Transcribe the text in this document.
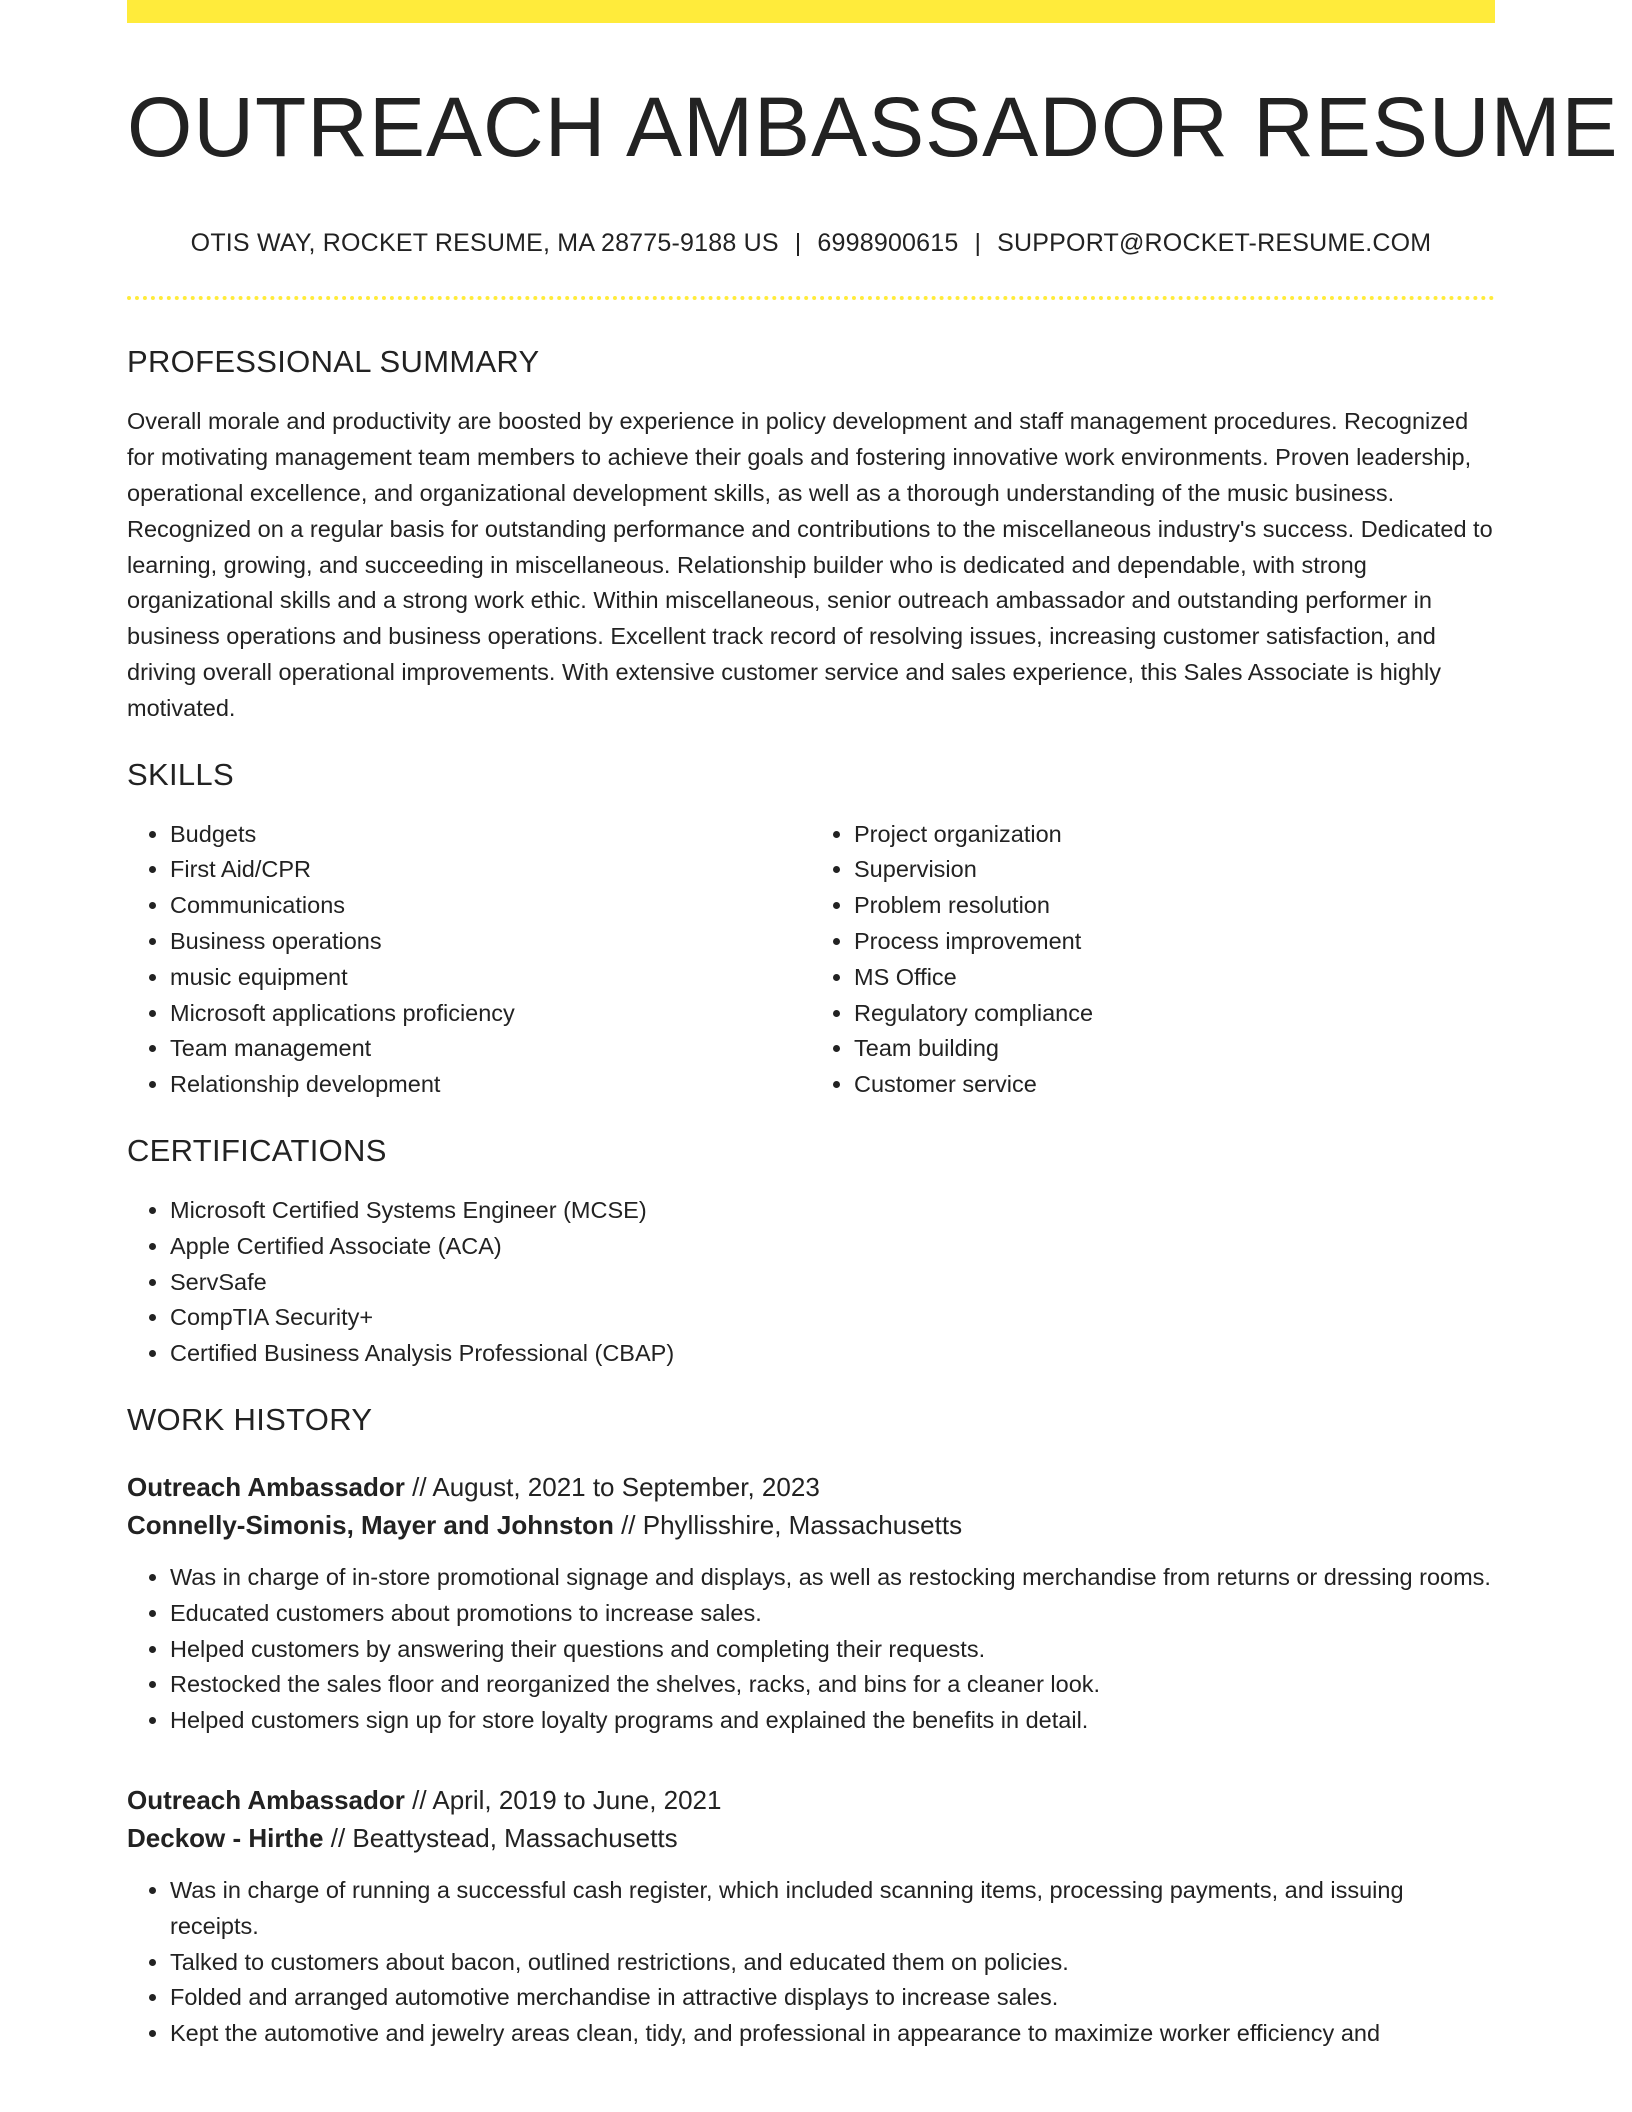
OUTREACH AMBASSADOR RESUME
OTIS WAY, ROCKET RESUME, MA 28775-9188 US | 6998900615 | SUPPORT@ROCKET-RESUME.COM
PROFESSIONAL SUMMARY

Overall morale and productivity are boosted by experience in policy development and staff management procedures. Recognized for motivating management team members to achieve their goals and fostering innovative work environments. Proven leadership, operational excellence, and organizational development skills, as well as a thorough understanding of the music business. Recognized on a regular basis for outstanding performance and contributions to the miscellaneous industry's success. Dedicated to learning, growing, and succeeding in miscellaneous. Relationship builder who is dedicated and dependable, with strong organizational skills and a strong work ethic. Within miscellaneous, senior outreach ambassador and outstanding performer in business operations and business operations. Excellent track record of resolving issues, increasing customer satisfaction, and driving overall operational improvements. With extensive customer service and sales experience, this Sales Associate is highly motivated.

SKILLS
• Budgets
• First Aid/CPR
• Communications
• Business operations
• music equipment
• Microsoft applications proficiency
• Team management
• Relationship development
• Project organization
• Supervision
• Problem resolution
• Process improvement
• MS Office
• Regulatory compliance
• Team building
• Customer service
CERTIFICATIONS
• Microsoft Certified Systems Engineer (MCSE)
• Apple Certified Associate (ACA)
• ServSafe
• CompTIA Security+
• Certified Business Analysis Professional (CBAP)
WORK HISTORY
Outreach Ambassador // August, 2021 to September, 2023
Connelly-Simonis, Mayer and Johnston // Phyllisshire, Massachusetts
• Was in charge of in-store promotional signage and displays, as well as restocking merchandise from returns or dressing rooms.
• Educated customers about promotions to increase sales.
• Helped customers by answering their questions and completing their requests.
• Restocked the sales floor and reorganized the shelves, racks, and bins for a cleaner look.
• Helped customers sign up for store loyalty programs and explained the benefits in detail.
Outreach Ambassador // April, 2019 to June, 2021
Deckow - Hirthe // Beattystead, Massachusetts
• Was in charge of running a successful cash register, which included scanning items, processing payments, and issuing receipts.
• Talked to customers about bacon, outlined restrictions, and educated them on policies.
• Folded and arranged automotive merchandise in attractive displays to increase sales.
• Kept the automotive and jewelry areas clean, tidy, and professional in appearance to maximize worker efficiency and
